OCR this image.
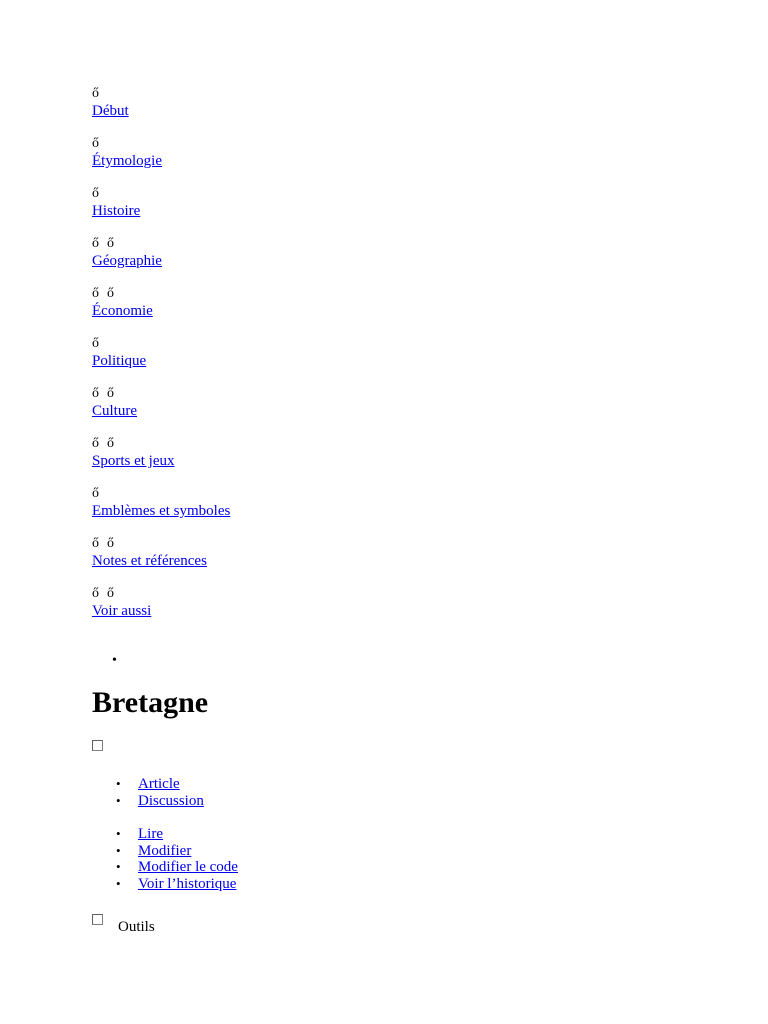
ő
Début
ő
Étymologie
ő
Histoire
ő ő
Géographie
ő ő
Économie
ő
Politique
ő ő
Culture
ő ő
Sports et jeux
ő
Emblèmes et symboles
ő ő
Notes et références
ő ő
Voir aussi
•
Bretagne
• Article
• Discussion
• Lire
• Modifier
• Modifier le code
• Voir l’historique
Outils
